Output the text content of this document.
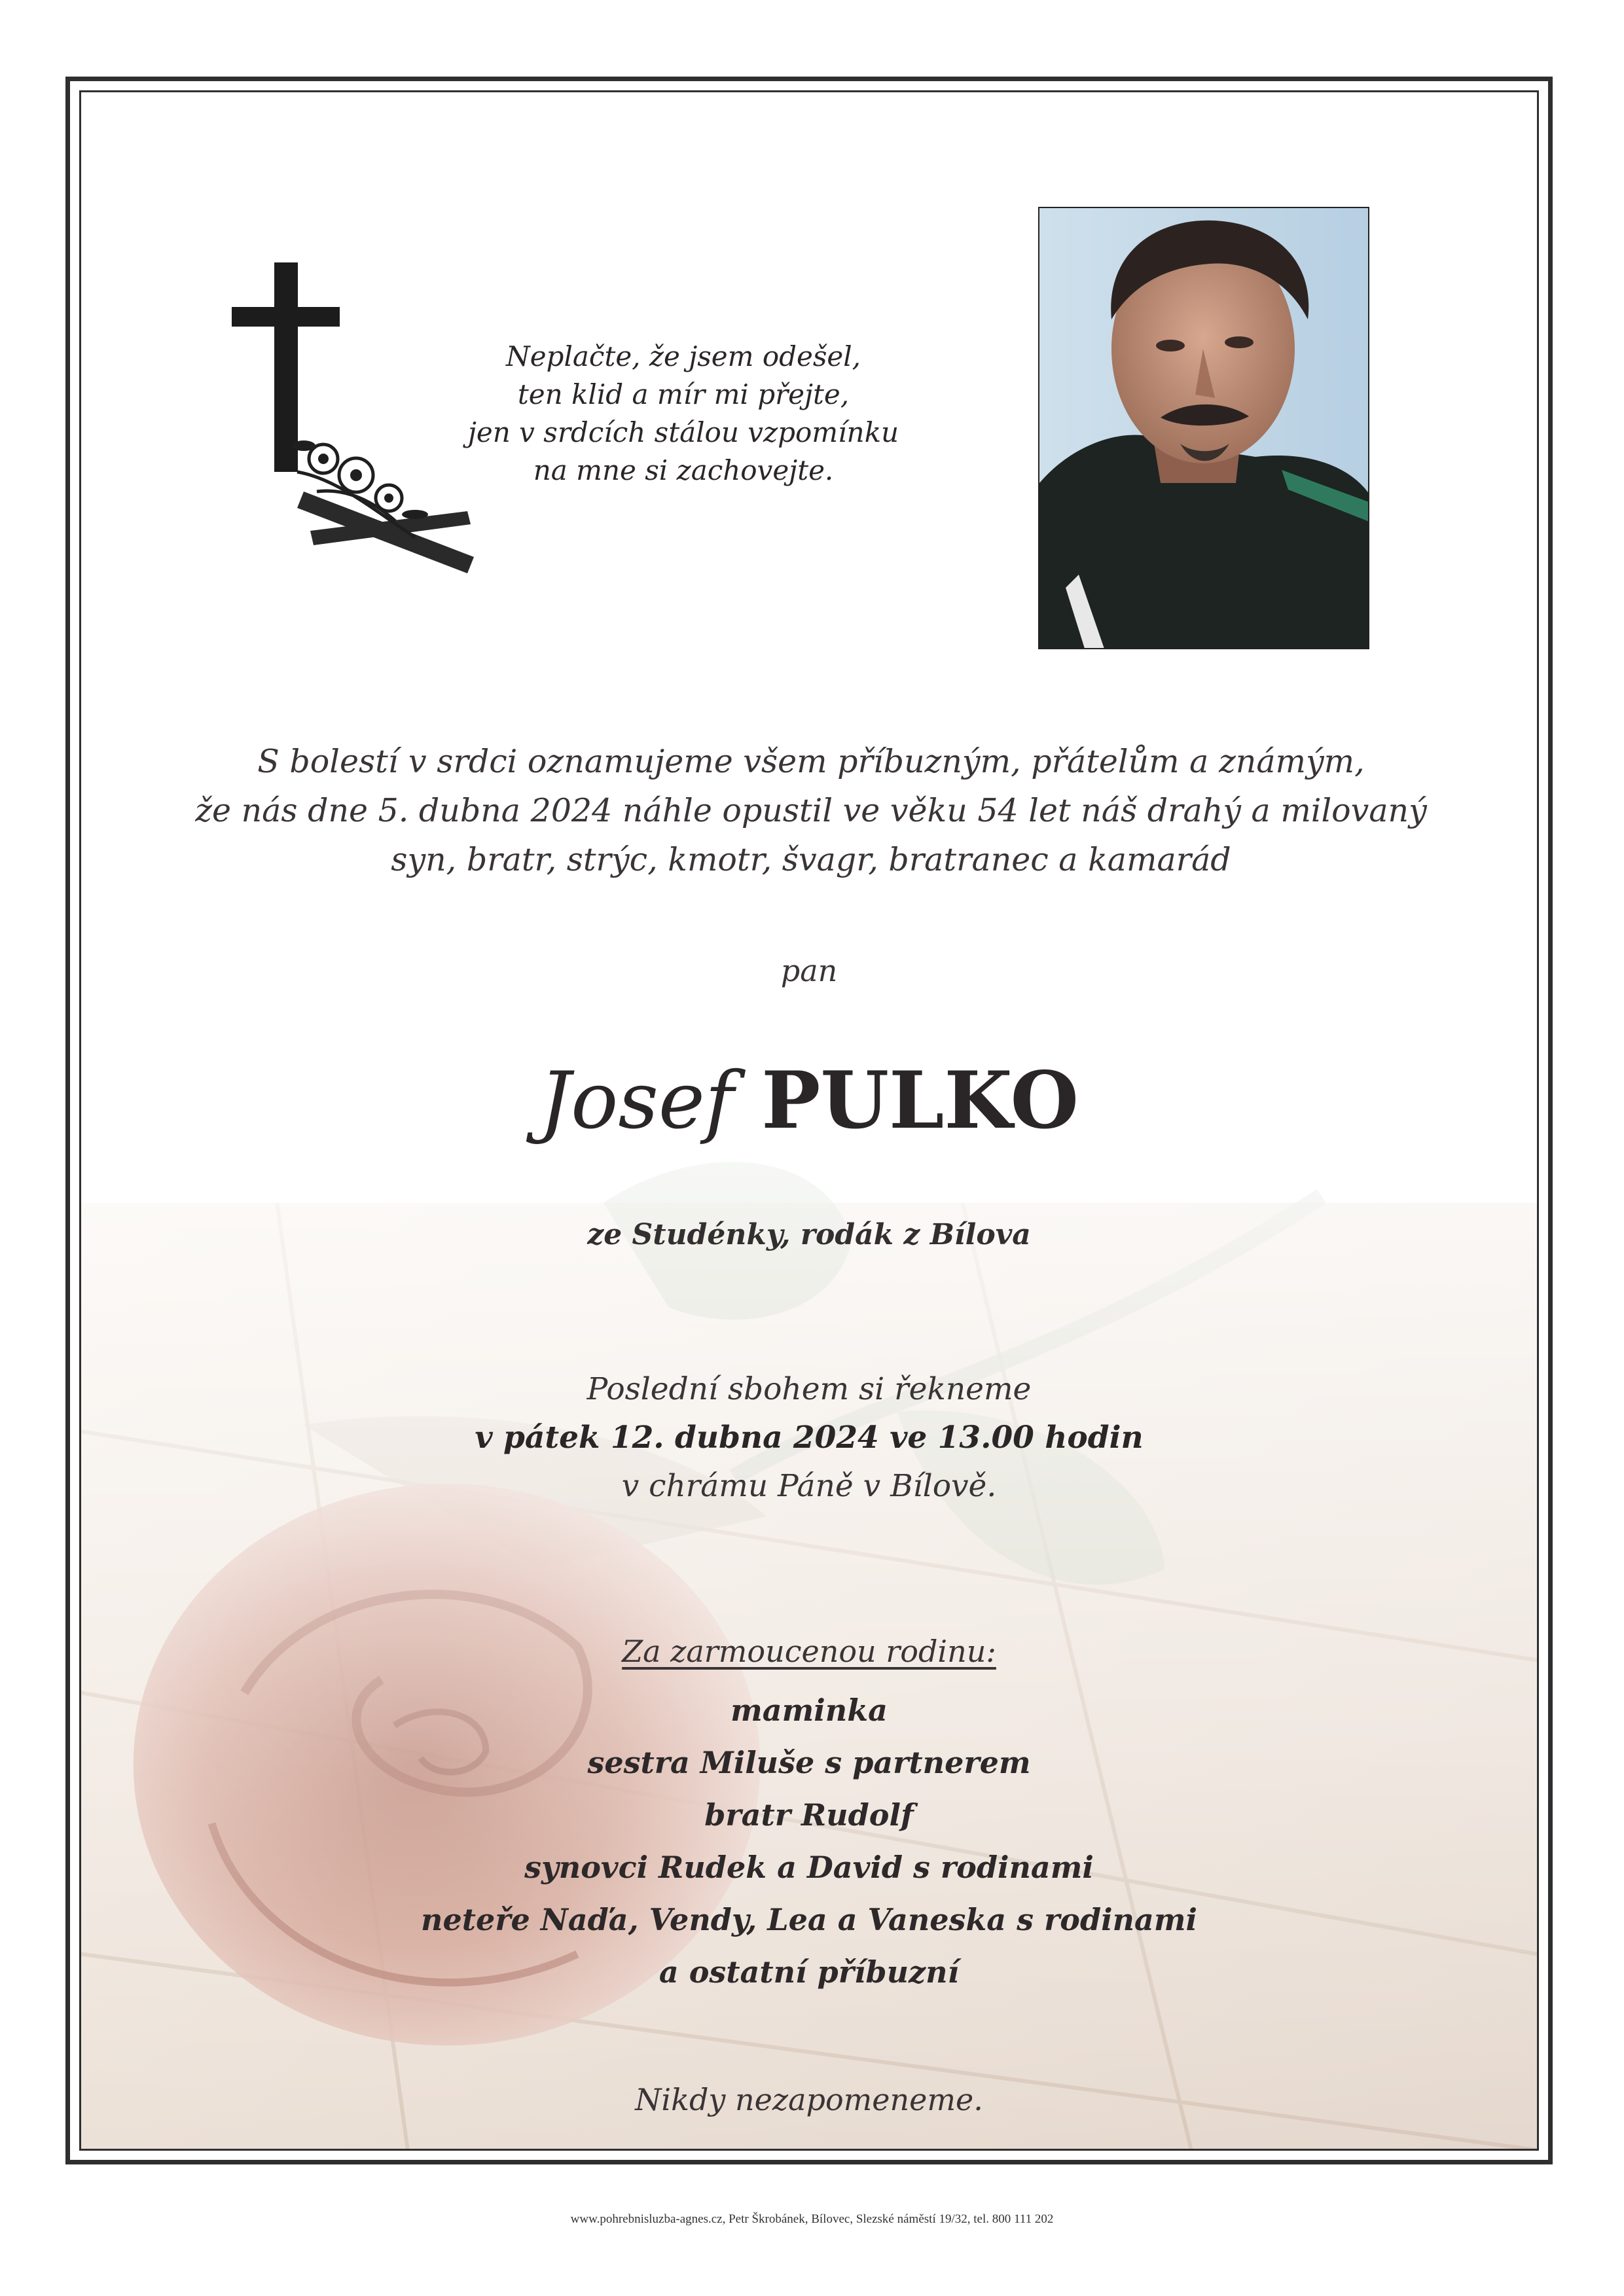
Neplačte, že jsem odešel,
ten klid a mír mi přejte,
jen v srdcích stálou vzpomínku
na mne si zachovejte.
S bolestí v srdci oznamujeme všem příbuzným, přátelům a známým,
že nás dne 5. dubna 2024 náhle opustil ve věku 54 let náš drahý a milovaný
syn, bratr, strýc, kmotr, švagr, bratranec a kamarád
pan
Josef PULKO
ze Studénky, rodák z Bílova
Poslední sbohem si řekneme
v pátek 12. dubna 2024 ve 13.00 hodin
v chrámu Páně v Bílově.
Za zarmoucenou rodinu:
maminka
sestra Miluše s partnerem
bratr Rudolf
synovci Rudek a David s rodinami
neteře Naďa, Vendy, Lea a Vaneska s rodinami
a ostatní příbuzní
Nikdy nezapomeneme.
www.pohrebnisluzba-agnes.cz, Petr Škrobánek, Bílovec, Slezské náměstí 19/32, tel. 800 111 202
